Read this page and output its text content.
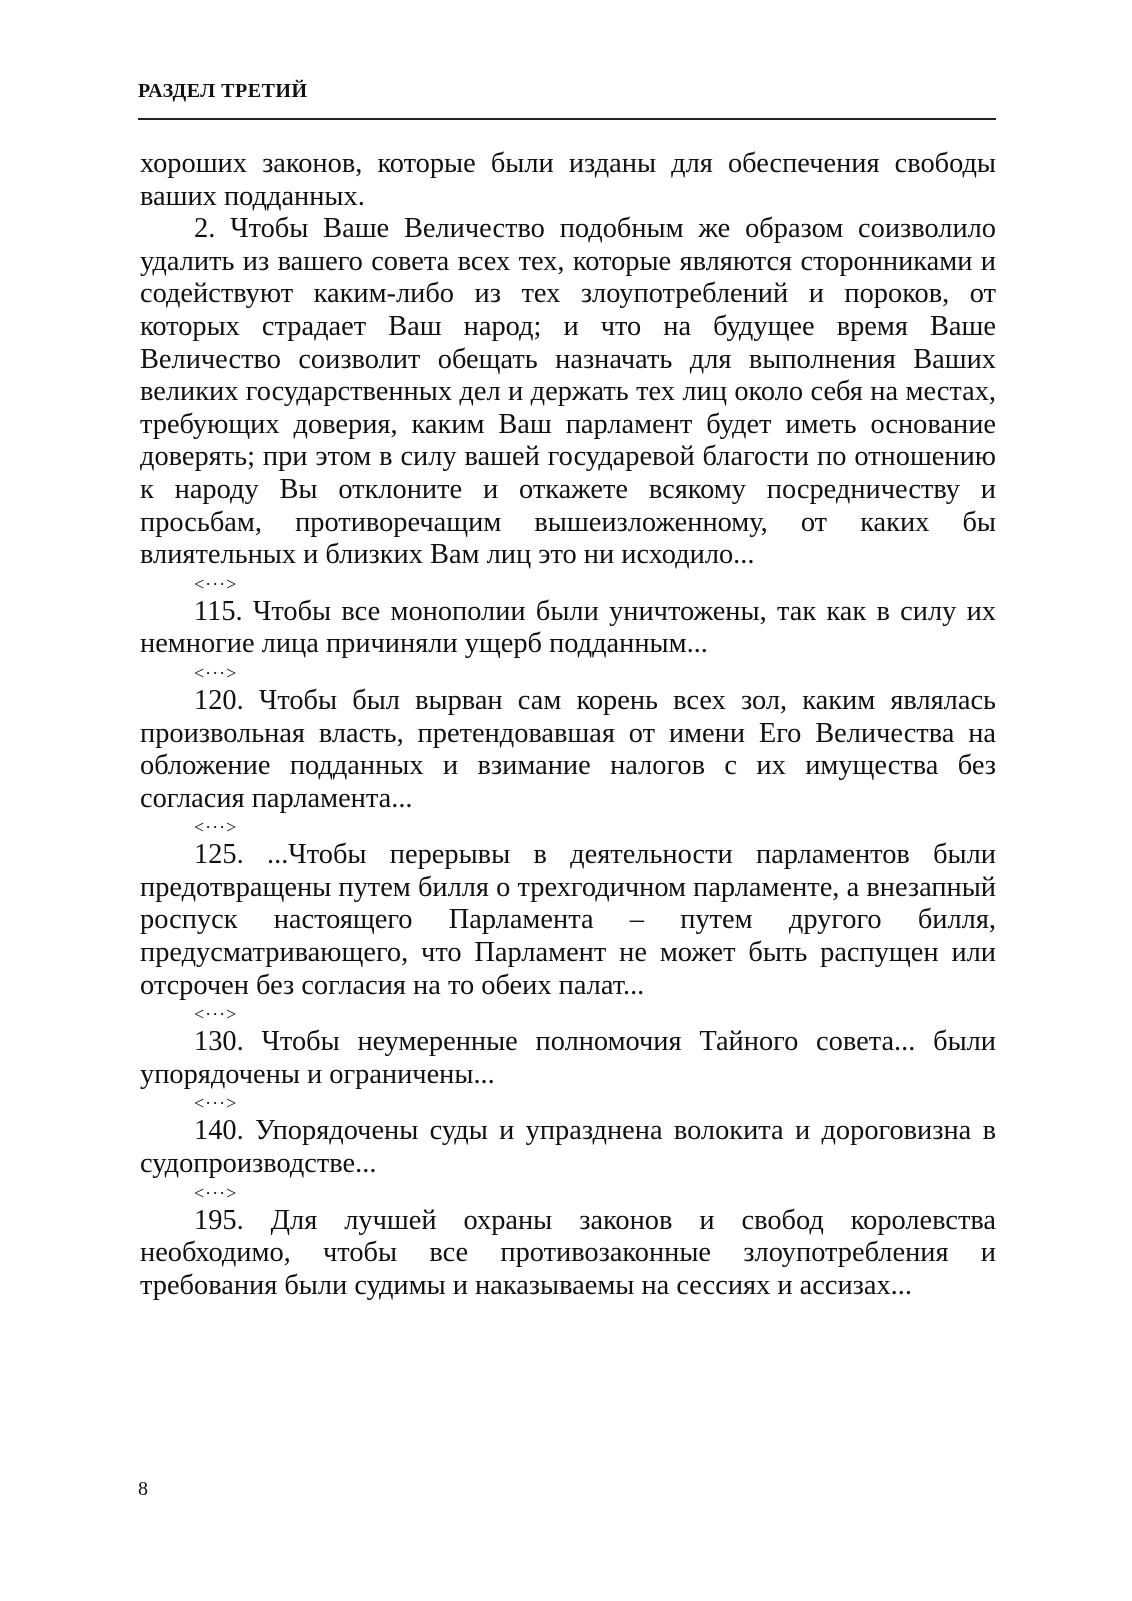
РАЗДЕЛ ТРЕТИЙ

хороших законов, которые были изданы для обеспечения свободы ваших подданных.

2. Чтобы Ваше Величество подобным же образом соизволило удалить из вашего совета всех тех, которые являются сторонниками и содействуют каким-либо из тех злоупотреблений и пороков, от которых страдает Ваш народ; и что на будущее время Ваше Величество соизволит обещать назначать для выполнения Ваших великих государственных дел и держать тех лиц около себя на местах, требующих доверия, каким Ваш парламент будет иметь основание доверять; при этом в силу вашей государевой благости по отношению к народу Вы отклоните и откажете всякому посредничеству и просьбам, противоречащим вышеизложенному, от каких бы влиятельных и близких Вам лиц это ни исходило...

<···>

115. Чтобы все монополии были уничтожены, так как в силу их немногие лица причиняли ущерб подданным...

<···>

120. Чтобы был вырван сам корень всех зол, каким являлась произвольная власть, претендовавшая от имени Его Величества на обложение подданных и взимание налогов с их имущества без согласия парламента...

<···>

125. ...Чтобы перерывы в деятельности парламентов были предотвращены путем билля о трехгодичном парламенте, а внезапный роспуск настоящего Парламента – путем другого билля, предусматривающего, что Парламент не может быть распущен или отсрочен без согласия на то обеих палат...

<···>

130. Чтобы неумеренные полномочия Тайного совета... были упорядочены и ограничены...

<···>

140. Упорядочены суды и упразднена волокита и дороговизна в судопроизводстве...

<···>

195. Для лучшей охраны законов и свобод королевства необходимо, чтобы все противозаконные злоупотребления и требования были судимы и наказываемы на сессиях и ассизах...

8
